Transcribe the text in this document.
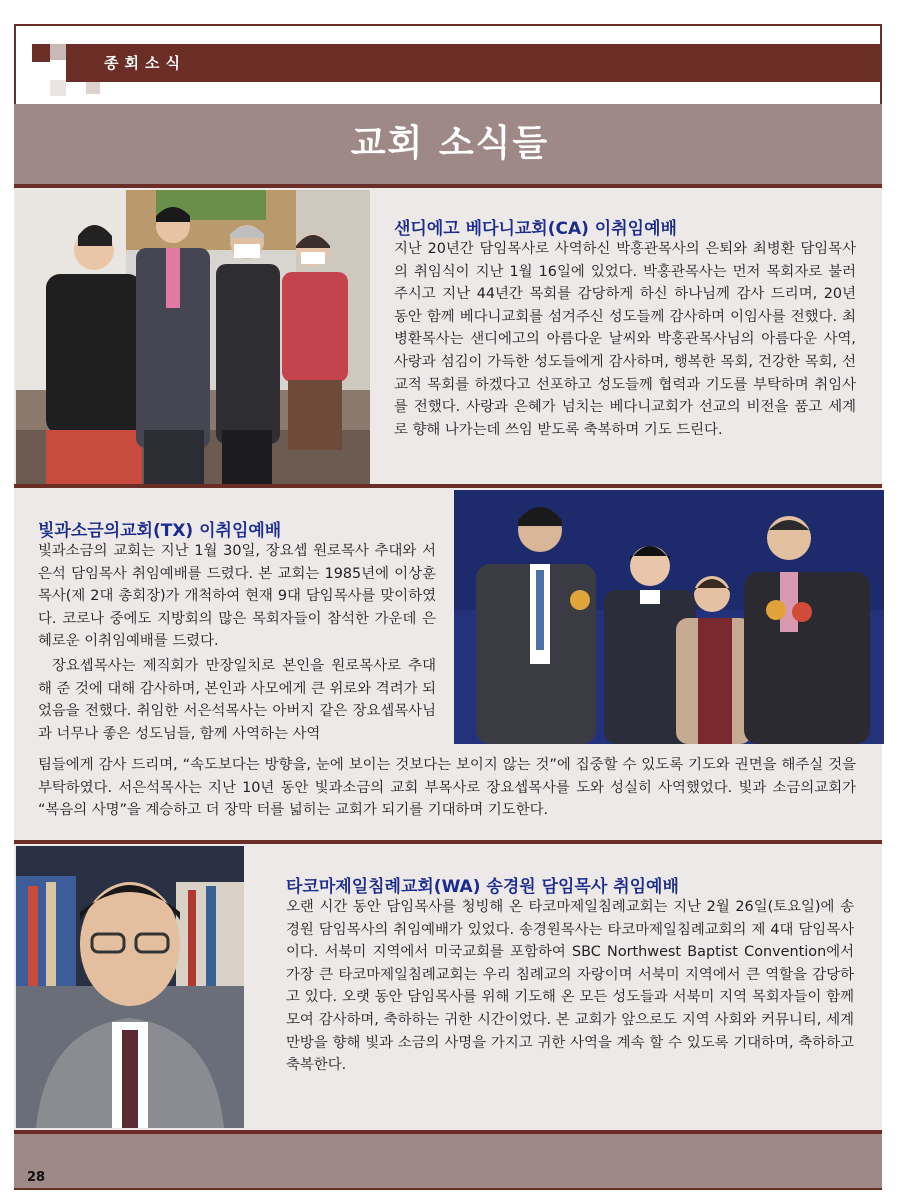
종회소식
교회 소식들
샌디에고 베다니교회(CA) 이취임예배
지난 20년간 담임목사로 사역하신 박홍관목사의 은퇴와 최병환 담임목사의 취임식이 지난 1월 16일에 있었다. 박홍관목사는 먼저 목회자로 불러주시고 지난 44년간 목회를 감당하게 하신 하나님께 감사 드리며, 20년 동안 함께 베다니교회를 섬겨주신 성도들께 감사하며 이임사를 전했다. 최병환목사는 샌디에고의 아름다운 날씨와 박홍관목사님의 아름다운 사역, 사랑과 섬김이 가득한 성도들에게 감사하며, 행복한 목회, 건강한 목회, 선교적 목회를 하겠다고 선포하고 성도들께 협력과 기도를 부탁하며 취임사를 전했다. 사랑과 은혜가 넘치는 베다니교회가 선교의 비전을 품고 세계로 향해 나가는데 쓰임 받도록 축복하며 기도 드린다.
빛과소금의교회(TX) 이취임예배
빛과소금의 교회는 지난 1월 30일, 장요셉 원로목사 추대와 서은석 담임목사 취임예배를 드렸다. 본 교회는 1985년에 이상훈목사(제 2대 총회장)가 개척하여 현재 9대 담임목사를 맞이하였다. 코로나 중에도 지방회의 많은 목회자들이 참석한 가운데 은혜로운 이취임예배를 드렸다.
장요셉목사는 제직회가 만장일치로 본인을 원로목사로 추대해 준 것에 대해 감사하며, 본인과 사모에게 큰 위로와 격려가 되었음을 전했다. 취임한 서은석목사는 아버지 같은 장요셉목사님과 너무나 좋은 성도님들, 함께 사역하는 사역
팀들에게 감사 드리며, “속도보다는 방향을, 눈에 보이는 것보다는 보이지 않는 것”에 집중할 수 있도록 기도와 권면을 해주실 것을 부탁하였다. 서은석목사는 지난 10년 동안 빛과소금의 교회 부목사로 장요셉목사를 도와 성실히 사역했었다. 빛과 소금의교회가 “복음의 사명”을 계승하고 더 장막 터를 넓히는 교회가 되기를 기대하며 기도한다.
타코마제일침례교회(WA) 송경원 담임목사 취임예배
오랜 시간 동안 담임목사를 청빙해 온 타코마제일침례교회는 지난 2월 26일(토요일)에 송경원 담임목사의 취임예배가 있었다. 송경원목사는 타코마제일침례교회의 제 4대 담임목사이다. 서북미 지역에서 미국교회를 포함하여 SBC Northwest Baptist Convention에서 가장 큰 타코마제일침례교회는 우리 침례교의 자랑이며 서북미 지역에서 큰 역할을 감당하고 있다. 오랫 동안 담임목사를 위해 기도해 온 모든 성도들과 서북미 지역 목회자들이 함께 모여 감사하며, 축하하는 귀한 시간이었다. 본 교회가 앞으로도 지역 사회와 커뮤니티, 세계 만방을 향해 빛과 소금의 사명을 가지고 귀한 사역을 계속 할 수 있도록 기대하며, 축하하고 축복한다.
28
